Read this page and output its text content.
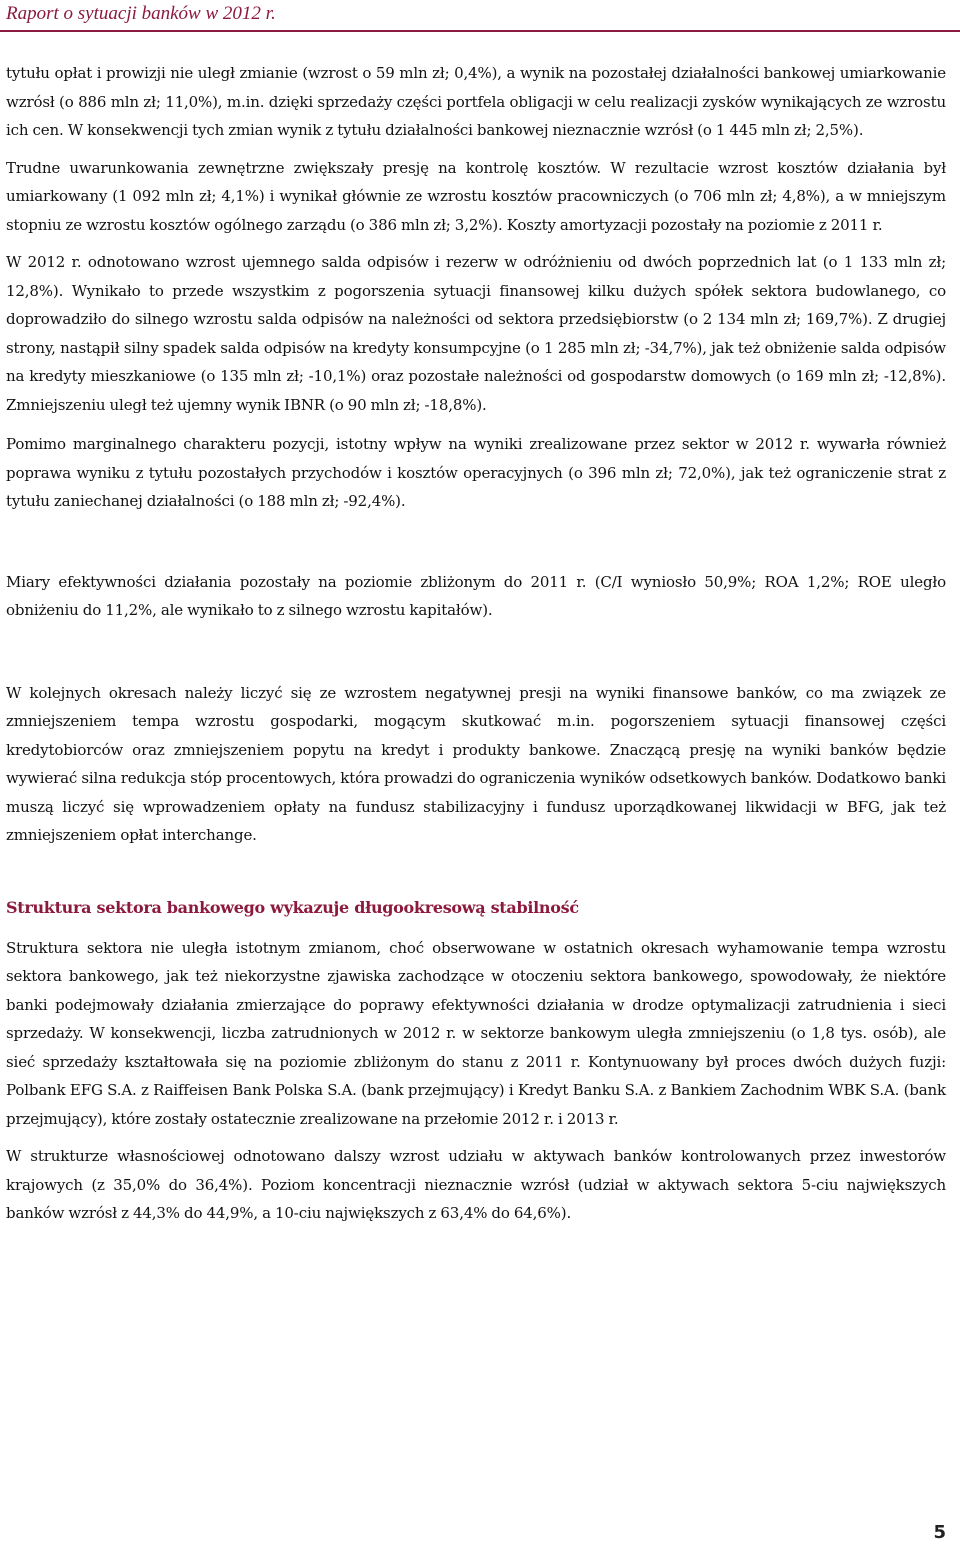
Raport o sytuacji banków w 2012 r.

tytułu opłat i prowizji nie uległ zmianie (wzrost o 59 mln zł; 0,4%), a wynik na pozostałej działalności bankowej umiarkowanie wzrósł (o 886 mln zł; 11,0%), m.in. dzięki sprzedaży części portfela obligacji w celu realizacji zysków wynikających ze wzrostu ich cen. W konsekwencji tych zmian wynik z tytułu działalności bankowej nieznacznie wzrósł (o 1 445 mln zł; 2,5%).

Trudne uwarunkowania zewnętrzne zwiększały presję na kontrolę kosztów. W rezultacie wzrost kosztów działania był umiarkowany (1 092 mln zł; 4,1%) i wynikał głównie ze wzrostu kosztów pracowniczych (o 706 mln zł; 4,8%), a w mniejszym stopniu ze wzrostu kosztów ogólnego zarządu (o 386 mln zł; 3,2%). Koszty amortyzacji pozostały na poziomie z 2011 r.

W 2012 r. odnotowano wzrost ujemnego salda odpisów i rezerw w odróżnieniu od dwóch poprzednich lat (o 1 133 mln zł; 12,8%). Wynikało to przede wszystkim z pogorszenia sytuacji finansowej kilku dużych spółek sektora budowlanego, co doprowadziło do silnego wzrostu salda odpisów na należności od sektora przedsiębiorstw (o 2 134 mln zł; 169,7%). Z drugiej strony, nastąpił silny spadek salda odpisów na kredyty konsumpcyjne (o 1 285 mln zł; -34,7%), jak też obniżenie salda odpisów na kredyty mieszkaniowe (o 135 mln zł; -10,1%) oraz pozostałe należności od gospodarstw domowych (o 169 mln zł; -12,8%). Zmniejszeniu uległ też ujemny wynik IBNR (o 90 mln zł; -18,8%).

Pomimo marginalnego charakteru pozycji, istotny wpływ na wyniki zrealizowane przez sektor w 2012 r. wywarła również poprawa wyniku z tytułu pozostałych przychodów i kosztów operacyjnych (o 396 mln zł; 72,0%), jak też ograniczenie strat z tytułu zaniechanej działalności (o 188 mln zł; -92,4%).

Miary efektywności działania pozostały na poziomie zbliżonym do 2011 r. (C/I wyniosło 50,9%; ROA 1,2%; ROE uległo obniżeniu do 11,2%, ale wynikało to z silnego wzrostu kapitałów).

W kolejnych okresach należy liczyć się ze wzrostem negatywnej presji na wyniki finansowe banków, co ma związek ze zmniejszeniem tempa wzrostu gospodarki, mogącym skutkować m.in. pogorszeniem sytuacji finansowej części kredytobiorców oraz zmniejszeniem popytu na kredyt i produkty bankowe. Znaczącą presję na wyniki banków będzie wywierać silna redukcja stóp procentowych, która prowadzi do ograniczenia wyników odsetkowych banków. Dodatkowo banki muszą liczyć się wprowadzeniem opłaty na fundusz stabilizacyjny i fundusz uporządkowanej likwidacji w BFG, jak też zmniejszeniem opłat interchange.

Struktura sektora bankowego wykazuje długookresową stabilność

Struktura sektora nie uległa istotnym zmianom, choć obserwowane w ostatnich okresach wyhamowanie tempa wzrostu sektora bankowego, jak też niekorzystne zjawiska zachodzące w otoczeniu sektora bankowego, spowodowały, że niektóre banki podejmowały działania zmierzające do poprawy efektywności działania w drodze optymalizacji zatrudnienia i sieci sprzedaży. W konsekwencji, liczba zatrudnionych w 2012 r. w sektorze bankowym uległa zmniejszeniu (o 1,8 tys. osób), ale sieć sprzedaży kształtowała się na poziomie zbliżonym do stanu z 2011 r. Kontynuowany był proces dwóch dużych fuzji: Polbank EFG S.A. z Raiffeisen Bank Polska S.A. (bank przejmujący) i Kredyt Banku S.A. z Bankiem Zachodnim WBK S.A. (bank przejmujący), które zostały ostatecznie zrealizowane na przełomie 2012 r. i 2013 r.

W strukturze własnościowej odnotowano dalszy wzrost udziału w aktywach banków kontrolowanych przez inwestorów krajowych (z 35,0% do 36,4%). Poziom koncentracji nieznacznie wzrósł (udział w aktywach sektora 5-ciu największych banków wzrósł z 44,3% do 44,9%, a 10-ciu największych z 63,4% do 64,6%).

5
